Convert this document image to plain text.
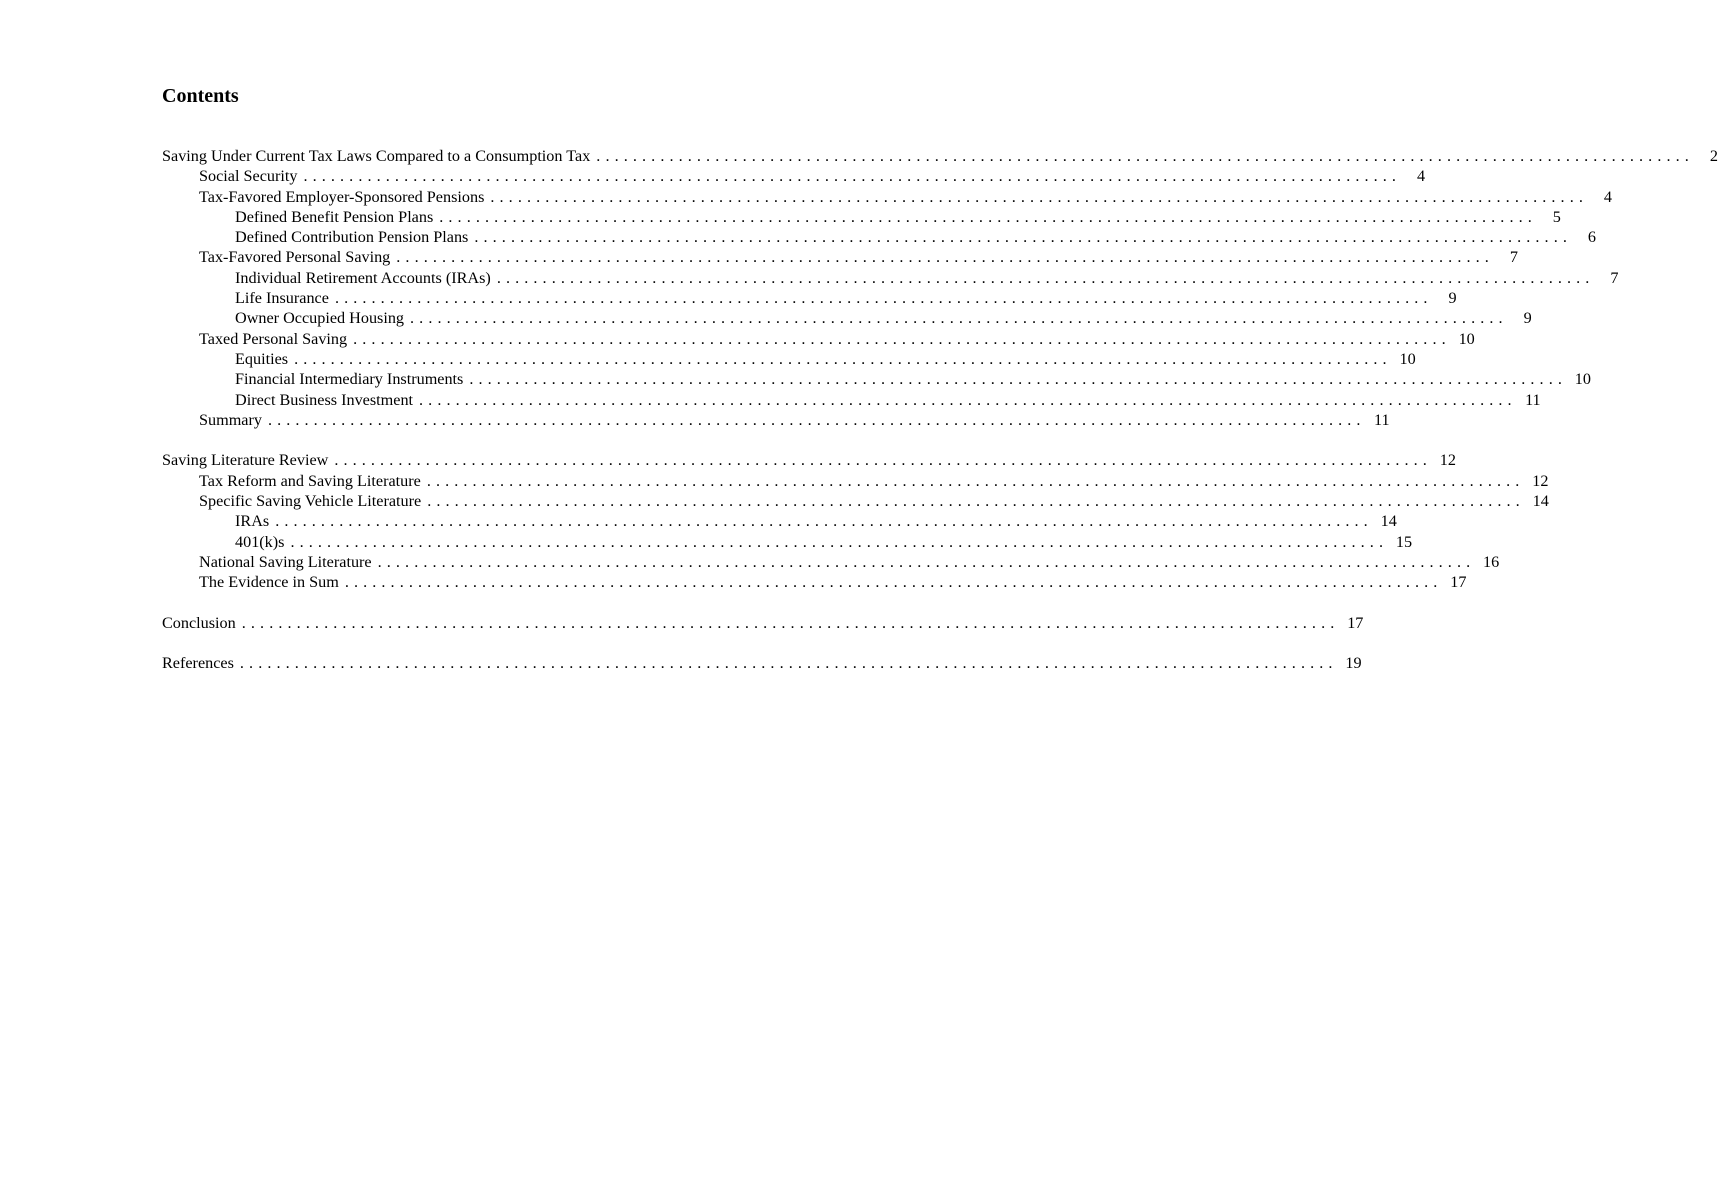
Contents
Saving Under Current Tax Laws Compared to a Consumption Tax ........................................................................................................................ 2
Social Security ........................................................................................................................ 4
Tax-Favored Employer-Sponsored Pensions ........................................................................................................................ 4
Defined Benefit Pension Plans ........................................................................................................................ 5
Defined Contribution Pension Plans ........................................................................................................................ 6
Tax-Favored Personal Saving ........................................................................................................................ 7
Individual Retirement Accounts (IRAs) ........................................................................................................................ 7
Life Insurance ........................................................................................................................ 9
Owner Occupied Housing ........................................................................................................................ 9
Taxed Personal Saving ........................................................................................................................ 10
Equities ........................................................................................................................ 10
Financial Intermediary Instruments ........................................................................................................................ 10
Direct Business Investment ........................................................................................................................ 11
Summary ........................................................................................................................ 11
Saving Literature Review ........................................................................................................................ 12
Tax Reform and Saving Literature ........................................................................................................................ 12
Specific Saving Vehicle Literature ........................................................................................................................ 14
IRAs ........................................................................................................................ 14
401(k)s ........................................................................................................................ 15
National Saving Literature ........................................................................................................................ 16
The Evidence in Sum ........................................................................................................................ 17
Conclusion ........................................................................................................................ 17
References ........................................................................................................................ 19
